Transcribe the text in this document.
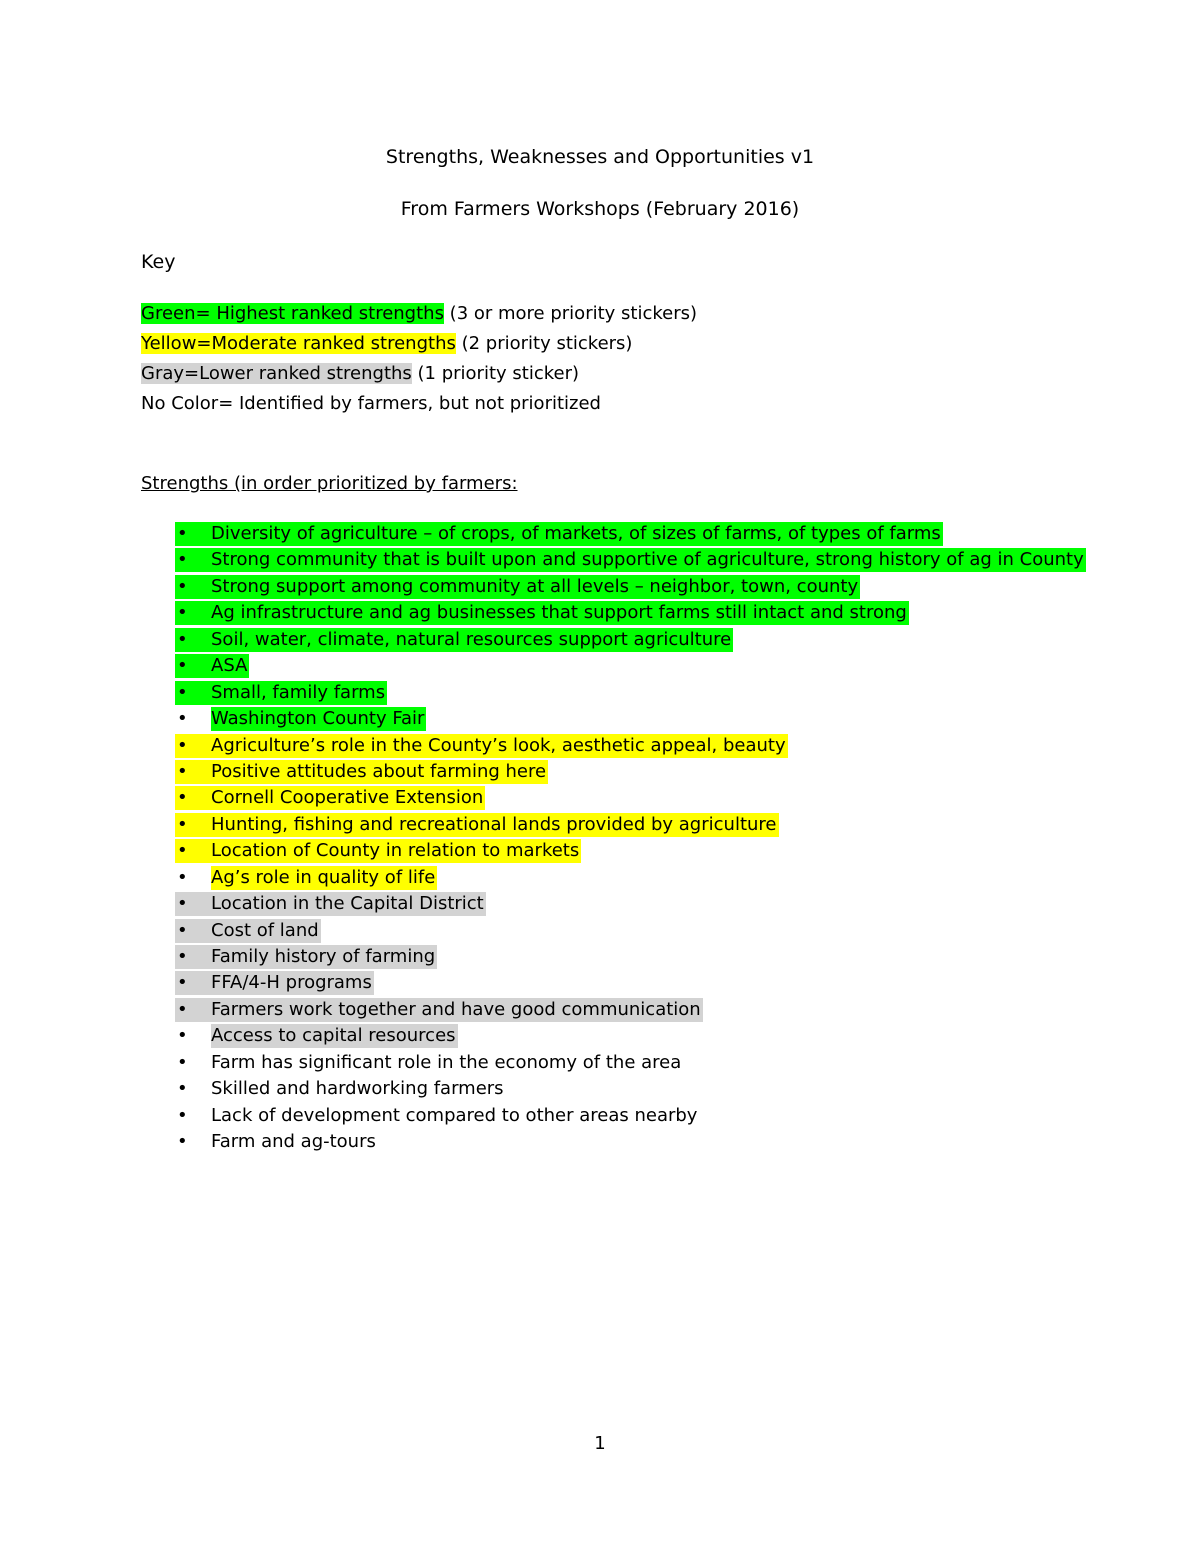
Strengths, Weaknesses and Opportunities v1
From Farmers Workshops (February 2016)
Key
Green= Highest ranked strengths (3 or more priority stickers)
Yellow=Moderate ranked strengths (2 priority stickers)
Gray=Lower ranked strengths (1 priority sticker)
No Color= Identified by farmers, but not prioritized
Strengths (in order prioritized by farmers:
•	Diversity of agriculture – of crops, of markets, of sizes of farms, of types of farms
•	Strong community that is built upon and supportive of agriculture, strong history of ag in County
•	Strong support among community at all levels – neighbor, town, county
•	Ag infrastructure and ag businesses that support farms still intact and strong
•	Soil, water, climate, natural resources support agriculture
•	ASA
•	Small, family farms
•	Washington County Fair
•	Agriculture’s role in the County’s look, aesthetic appeal, beauty
•	Positive attitudes about farming here
•	Cornell Cooperative Extension
•	Hunting, fishing and recreational lands provided by agriculture
•	Location of County in relation to markets
•	Ag’s role in quality of life
•	Location in the Capital District
•	Cost of land
•	Family history of farming
•	FFA/4-H programs
•	Farmers work together and have good communication
•	Access to capital resources
•	Farm has significant role in the economy of the area
•	Skilled and hardworking farmers
•	Lack of development compared to other areas nearby
•	Farm and ag-tours
1
